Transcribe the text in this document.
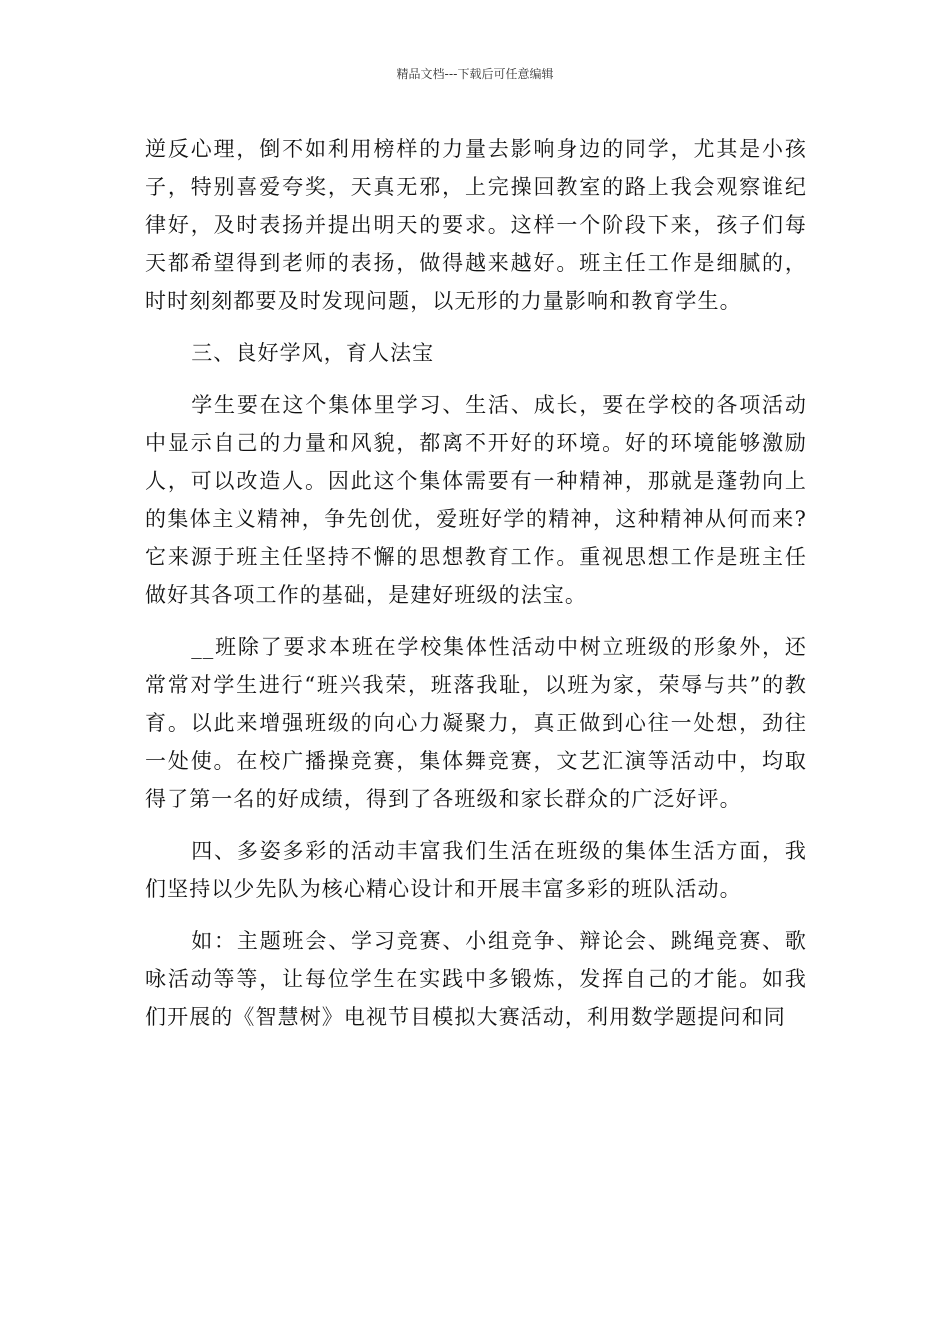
精品文档---下载后可任意编辑

逆反心理，倒不如利用榜样的力量去影响身边的同学，尤其是小孩子，特别喜爱夸奖，天真无邪，上完操回教室的路上我会观察谁纪律好，及时表扬并提出明天的要求。这样一个阶段下来，孩子们每天都希望得到老师的表扬，做得越来越好。班主任工作是细腻的，时时刻刻都要及时发现问题，以无形的力量影响和教育学生。

三、良好学风，育人法宝

学生要在这个集体里学习、生活、成长，要在学校的各项活动中显示自己的力量和风貌，都离不开好的环境。好的环境能够激励人，可以改造人。因此这个集体需要有一种精神，那就是蓬勃向上的集体主义精神，争先创优，爱班好学的精神，这种精神从何而来?它来源于班主任坚持不懈的思想教育工作。重视思想工作是班主任做好其各项工作的基础，是建好班级的法宝。

__班除了要求本班在学校集体性活动中树立班级的形象外，还常常对学生进行“班兴我荣，班落我耻，以班为家，荣辱与共”的教育。以此来增强班级的向心力凝聚力，真正做到心往一处想，劲往一处使。在校广播操竞赛，集体舞竞赛，文艺汇演等活动中，均取得了第一名的好成绩，得到了各班级和家长群众的广泛好评。

四、多姿多彩的活动丰富我们生活在班级的集体生活方面，我们坚持以少先队为核心精心设计和开展丰富多彩的班队活动。

如：主题班会、学习竞赛、小组竞争、辩论会、跳绳竞赛、歌咏活动等等，让每位学生在实践中多锻炼，发挥自己的才能。如我们开展的《智慧树》电视节目模拟大赛活动，利用数学题提问和同
